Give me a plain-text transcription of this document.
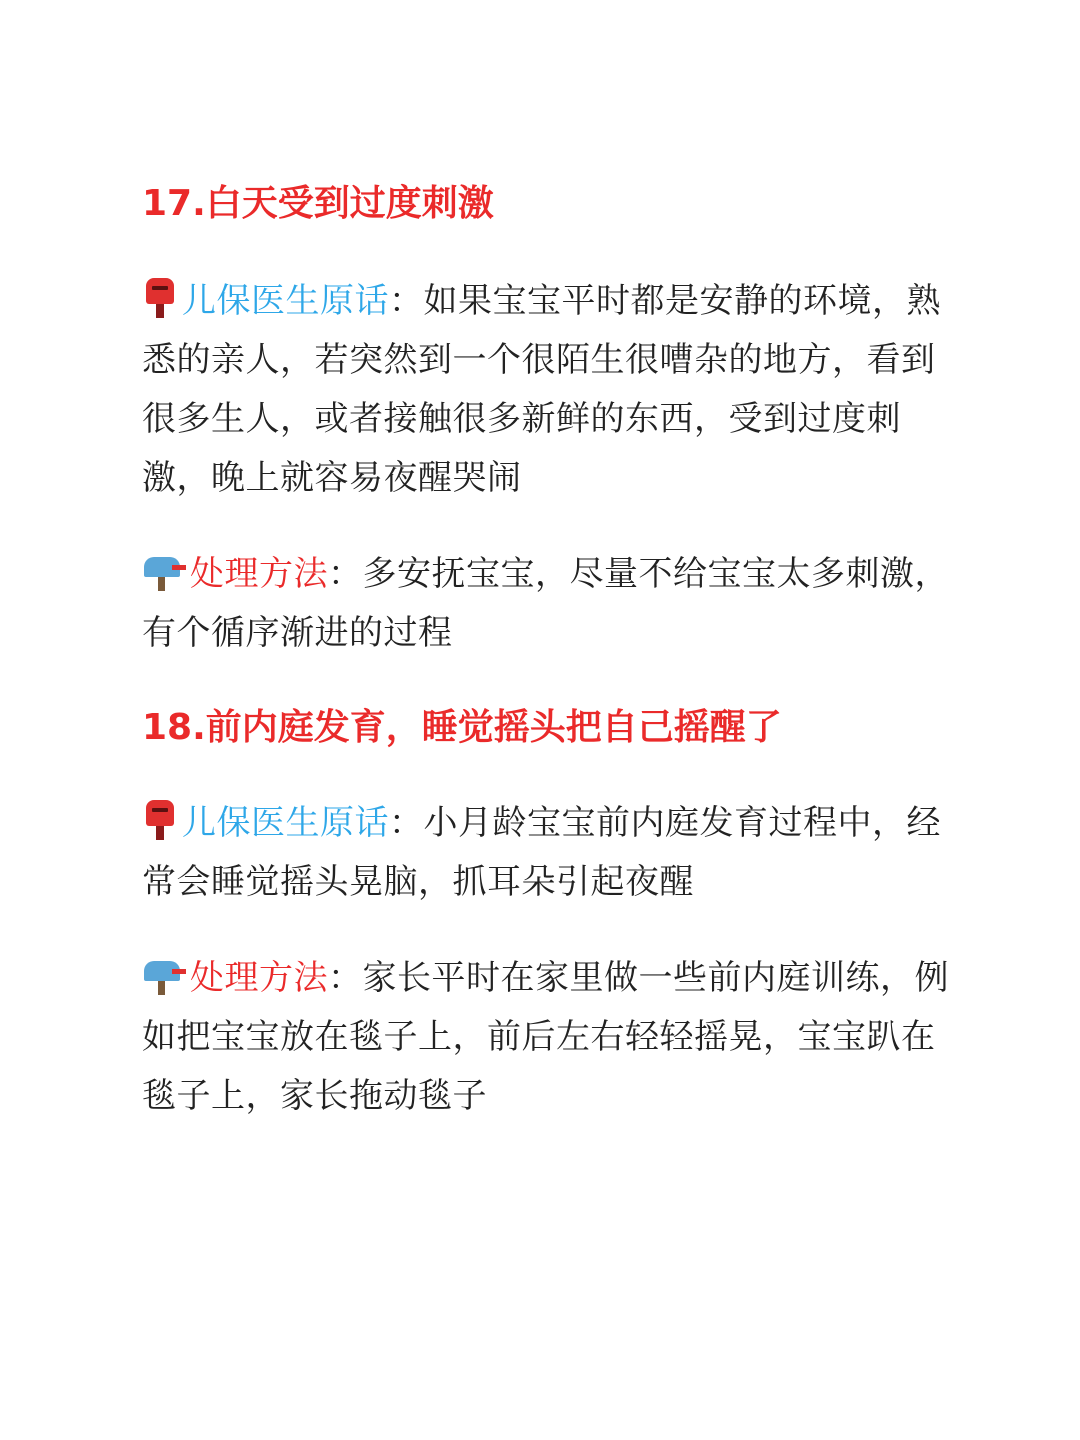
17.白天受到过度刺激

儿保医生原话：如果宝宝平时都是安静的环境，熟悉的亲人，若突然到一个很陌生很嘈杂的地方，看到很多生人，或者接触很多新鲜的东西，受到过度刺激，晚上就容易夜醒哭闹

处理方法：多安抚宝宝，尽量不给宝宝太多刺激，有个循序渐进的过程

18.前内庭发育，睡觉摇头把自己摇醒了

儿保医生原话：小月龄宝宝前内庭发育过程中，经常会睡觉摇头晃脑，抓耳朵引起夜醒

处理方法：家长平时在家里做一些前内庭训练，例如把宝宝放在毯子上，前后左右轻轻摇晃，宝宝趴在毯子上，家长拖动毯子
